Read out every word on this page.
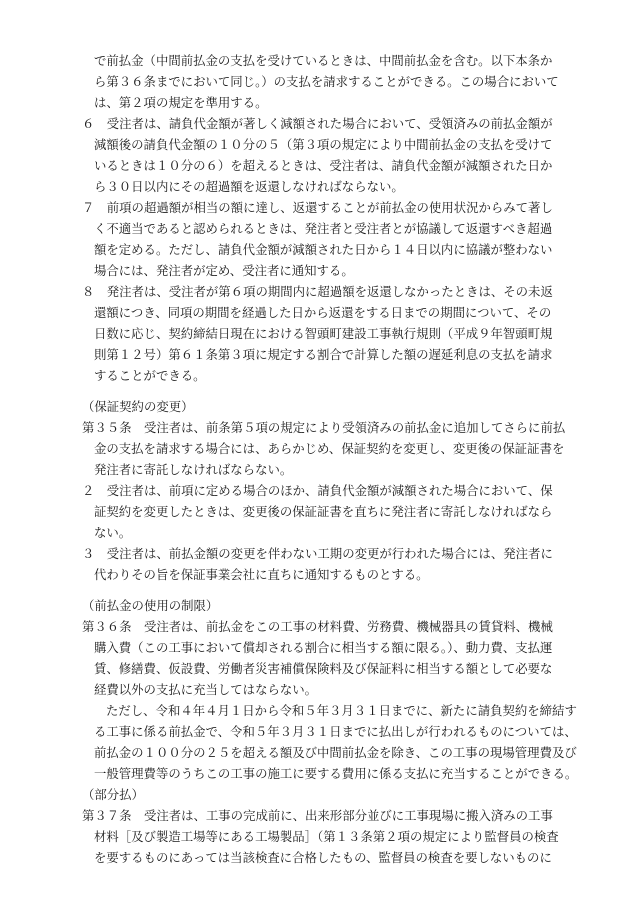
で前払金（中間前払金の支払を受けているときは、中間前払金を含む。以下本条か
ら第３６条までにおいて同じ。）の支払を請求することができる。この場合において
は、第２項の規定を準用する。
６　受注者は、請負代金額が著しく減額された場合において、受領済みの前払金額が
減額後の請負代金額の１０分の５（第３項の規定により中間前払金の支払を受けて
いるときは１０分の６）を超えるときは、受注者は、請負代金額が減額された日か
ら３０日以内にその超過額を返還しなければならない。
７　前項の超過額が相当の額に達し、返還することが前払金の使用状況からみて著し
く不適当であると認められるときは、発注者と受注者とが協議して返還すべき超過
額を定める。ただし、請負代金額が減額された日から１４日以内に協議が整わない
場合には、発注者が定め、受注者に通知する。
８　発注者は、受注者が第６項の期間内に超過額を返還しなかったときは、その未返
還額につき、同項の期間を経過した日から返還をする日までの期間について、その
日数に応じ、契約締結日現在における智頭町建設工事執行規則（平成９年智頭町規
則第１２号）第６１条第３項に規定する割合で計算した額の遅延利息の支払を請求
することができる。
（保証契約の変更）
第３５条　受注者は、前条第５項の規定により受領済みの前払金に追加してさらに前払
金の支払を請求する場合には、あらかじめ、保証契約を変更し、変更後の保証証書を
発注者に寄託しなければならない。
２　受注者は、前項に定める場合のほか、請負代金額が減額された場合において、保
証契約を変更したときは、変更後の保証証書を直ちに発注者に寄託しなければなら
ない。
３　受注者は、前払金額の変更を伴わない工期の変更が行われた場合には、発注者に
代わりその旨を保証事業会社に直ちに通知するものとする。
（前払金の使用の制限）
第３６条　受注者は、前払金をこの工事の材料費、労務費、機械器具の賃貸料、機械
購入費（この工事において償却される割合に相当する額に限る。）、動力費、支払運
賃、修繕費、仮設費、労働者災害補償保険料及び保証料に相当する額として必要な
経費以外の支払に充当してはならない。
ただし、令和４年４月１日から令和５年３月３１日までに、新たに請負契約を締結す
る工事に係る前払金で、令和５年３月３１日までに払出しが行われるものについては、
前払金の１００分の２５を超える額及び中間前払金を除き、この工事の現場管理費及び
一般管理費等のうちこの工事の施工に要する費用に係る支払に充当することができる。
（部分払）
第３７条　受注者は、工事の完成前に、出来形部分並びに工事現場に搬入済みの工事
材料［及び製造工場等にある工場製品］（第１３条第２項の規定により監督員の検査
を要するものにあっては当該検査に合格したもの、監督員の検査を要しないものに
